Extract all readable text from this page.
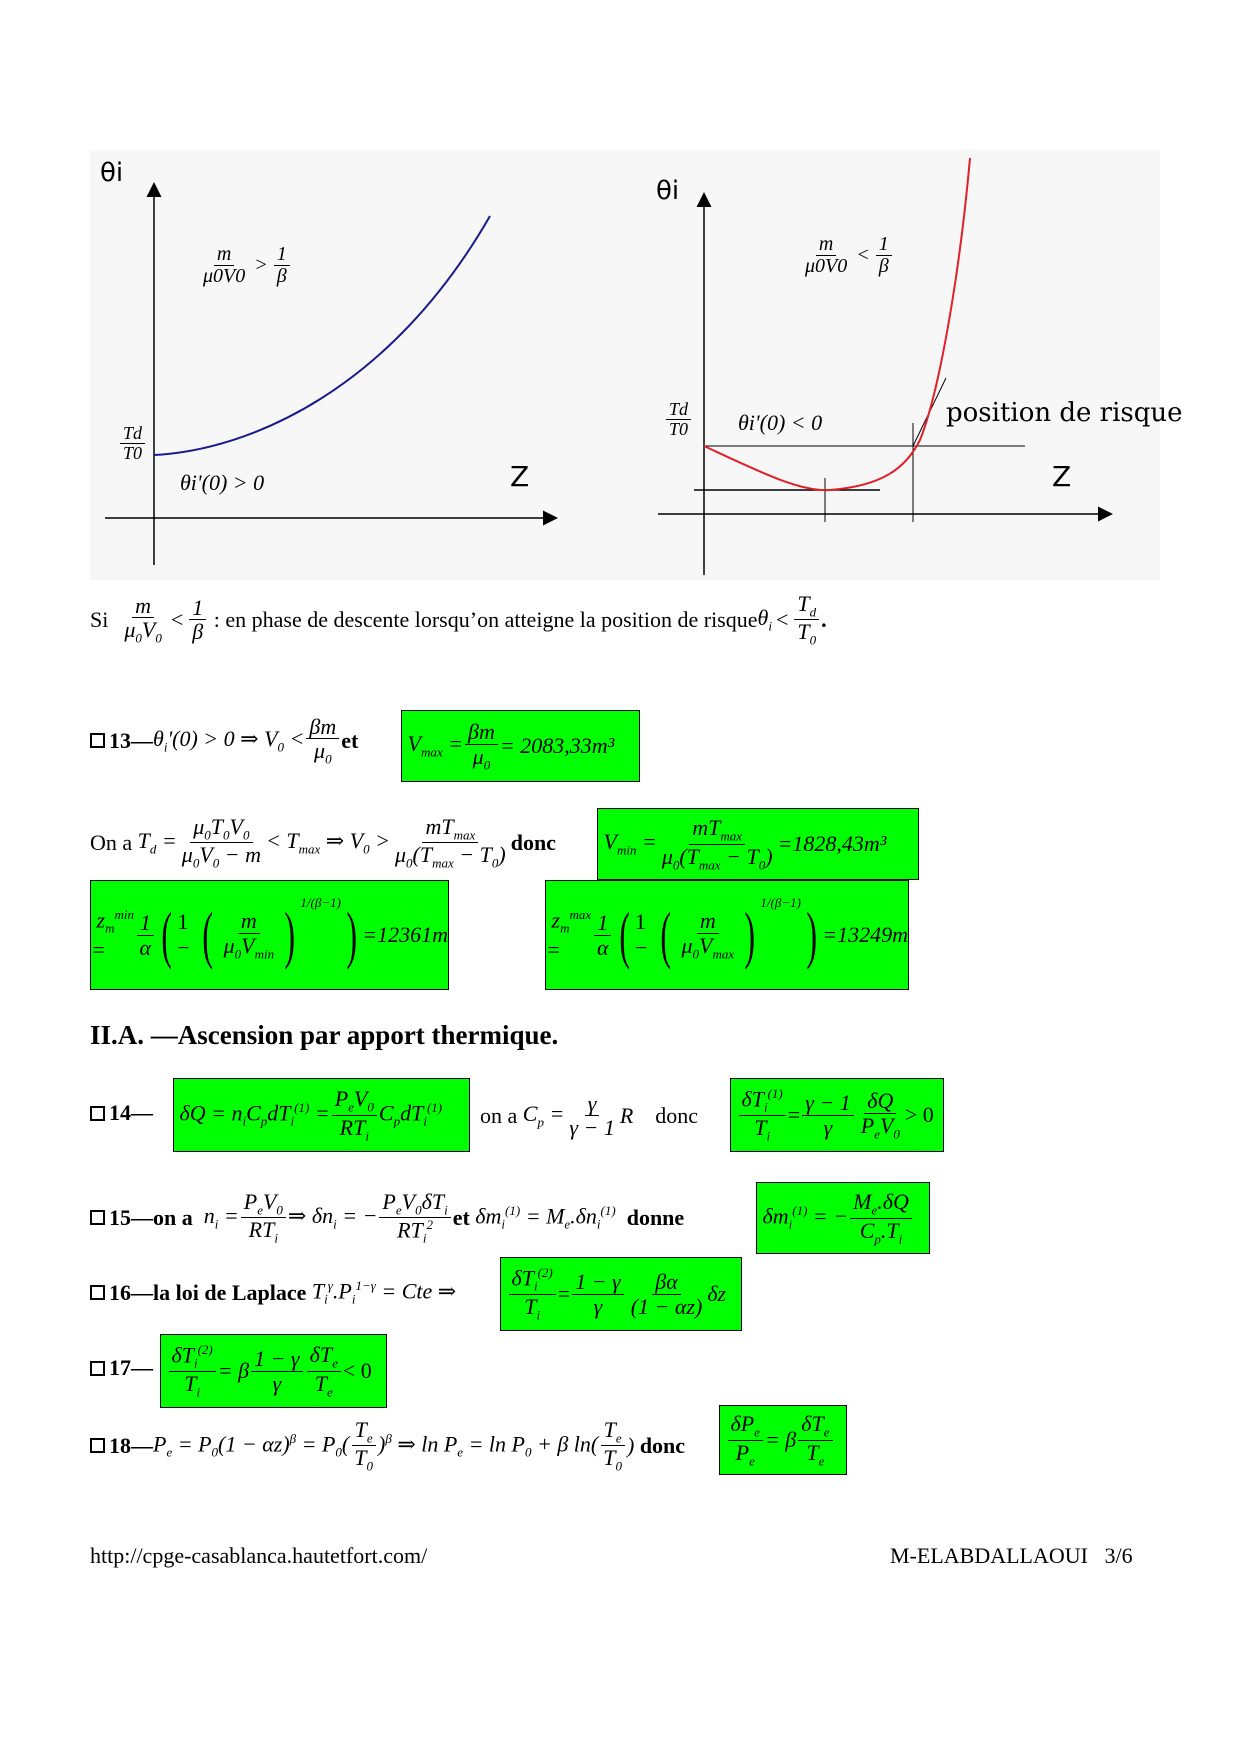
θi
Z
$\frac{m}{\mu 0V0} > \frac{1}{\beta}$
$\frac{Td}{T0}$
θi'(0) > 0
θi
Z
$\frac{m}{\mu 0V0} < \frac{1}{\beta}$
$\frac{Td}{T0} \theta i'(0) < 0$	position de risque
Si
$\frac{m}{\mu_0V_0} < \frac{1}{\beta}$
: en phase de descente lorsqu’on atteigne la position de risque $\theta_i < \frac{T_d}{T_0}$ .
13— $\theta_i'(0) > 0$ ⇒ $V_0 < \frac{\beta m}{\mu_0}$ et $V_{max} = \frac{\beta m}{\mu_0} = 2083,33m^3$
On a
$T_d = \frac{\mu_0T_0V_0}{\mu_0V_0 - m} < T_{max}$ ⇒ $V_0 > \frac{mT_{max}}{\mu_0(T_{max} - T_0)}$ donc $V_{min} = \frac{mT_{max}}{\mu_0(T_{max} - T_0)} =1828,43m^3$
$z_m^{min}$ =	$\frac{1}{\alpha}$ ( 1 − ( $\frac{m}{\mu_0V_{min}}$ ) 1/(β−1) ) =12361m
$z_m^{max}$ =	$\frac{1}{\alpha}$ ( 1 − ( $\frac{m}{\mu_0V_{max}}$ ) 1/(β−1) ) =13249m
II.A. —Ascension par apport thermique.
14— $\delta Q = n_iC_pdT_i^{(1)} = \frac{P_eV_0}{RT_i} C_pdT_i^{(1)}$ on a
$C_p = \frac{\gamma}{\gamma - 1}$ R
donc
$\frac{\delta T_i^{(1)}}{T_i} = \frac{\gamma - 1}{\gamma} \frac{\delta Q}{P_eV_0} > 0$
15—on a
$n_i = \frac{P_eV_0}{RT_i}$ ⇒ $\delta n_i$ = − $\frac{P_eV_0\delta T_i}{RT_i^2}$ et
$\delta m_i^{(1)} = M_e.\delta n_i^{(1)}$
donne	$\delta m_i^{(1)}$ = − $\frac{M_e.\delta Q}{C_p.T_i}$
16—la loi de Laplace
$T_i^\gamma.P_i^{1-\gamma}$ = Cte ⇒
$\frac{\delta T_i^{(2)}}{T_i} = \frac{1 - \gamma}{\gamma} \frac{\beta\alpha}{(1 - \alpha z)}$ δz
17—
$\frac{\delta T_i^{(2)}}{T_i} = \beta \frac{1 - \gamma}{\gamma} \frac{\delta T_e}{T_e} < 0$
18— $P_e = P_0(1 - \alpha z)^\beta = P_0( \frac{T_e}{T_0} )^\beta$ ⇒ $\ln P_e = \ln P_0 + \beta$ $\ln( \frac{T_e}{T_0}$ )
donc
$\frac{\delta P_e}{P_e} = \beta \frac{\delta T_e}{T_e}$
http://cpge-casablanca.hautetfort.com/	M-ELABDALLAOUI 3/6
